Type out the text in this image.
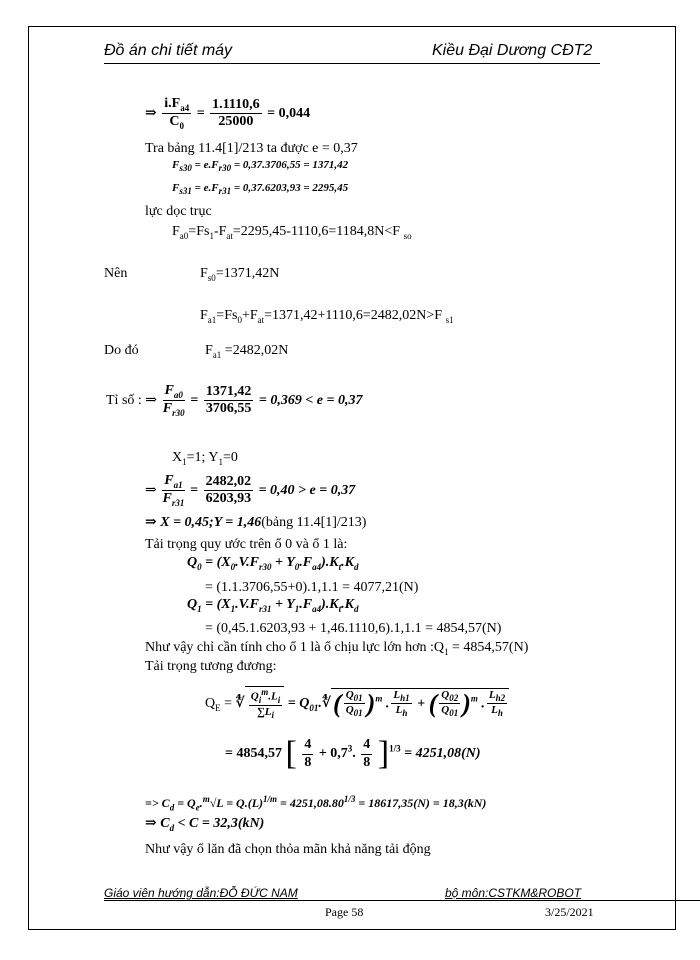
Đồ án chi tiết máy	Kiều Đại Dương CĐT2
⇒ $\frac{i.F_{a4}}{C_0} = \frac{1.1110,6}{25000} = 0,044$
Tra bảng 11.4[1]/213 ta được e = 0,37
$F_{s30} = e.F_{r30} = 0,37.3706,55 = 1371,42$
$F_{s31} = e.F_{r31} = 0,37.6203,93 = 2295,45$
lực dọc trục
$F_{a0}=Fs_1-F_{at}=2295,45-1110,6=1184,8N<F$ $_{so}$
Nên	$F_{s0}=1371,42N$
$F_{a1}=Fs_0+F_{at}=1371,42+1110,6=2482,02N>F$ $_{s1}$
Do đó	$F_{a1} =2482,02N$
Tỉ số : ⇒ $\frac{F_{a0}}{F_{r30}} = \frac{1371,42}{3706,55} = 0,369 < e = 0,37$
$X_1=1$; $Y_1=0$
⇒ $\frac{F_{a1}}{F_{r31}} = \frac{2482,02}{6203,93} = 0,40 > e = 0,37$
⇒ X = 0,45;Y = 1,46(bảng 11.4[1]/213)
Tải trọng quy ước trên ổ 0 và ổ 1 là:
$Q_0 = (X_0.V.F_{r30} + Y_0.F_{a4}).K_t.K_d$
= (1.1.3706,55+0).1,1.1 = 4077,21(N)
$Q_1 = (X_1.V.F_{r31} + Y_1.F_{a4}).K_t.K_d$
= (0,45.1.6203,93 + 1,46.1110,6).1,1.1 = 4854,57(N)
Như vậy chỉ cần tính cho ổ 1 là ổ chịu lực lớn hơn $:Q_1 = 4854,57(N)$
Tải trọng tương đương:
$Q_E$ = ∜ $\frac{Q_i^m.L_i}{\sum L_i}$ = $Q_{01}.∜( \frac{Q_{01}}{Q_{01}} )^m$ . $\frac{L_{h1}}{L_h}$ + ( $\frac{Q_{02}}{Q_{01}} )^m$ . $\frac{L_{h2}}{L_h}$
= 4854,57 [ $\frac{4}{8} + 0,7^3$. $\frac{4}{8} ]^{1/3} = 4251,08(N)$
=> $C_d = Q_e.^m√L = Q.(L)^{1/m} = 4251,08.80^{1/3} = 18617,35(N) = 18,3(kN)$
⇒ $C_d < C = 32,3(kN)$
Như vậy ổ lăn đã chọn thỏa mãn khả năng tải động
Giáo viên hướng dẫn:ĐỖ ĐỨC NAM	bộ môn:CSTKM&ROBOT
Page 58	3/25/2021
